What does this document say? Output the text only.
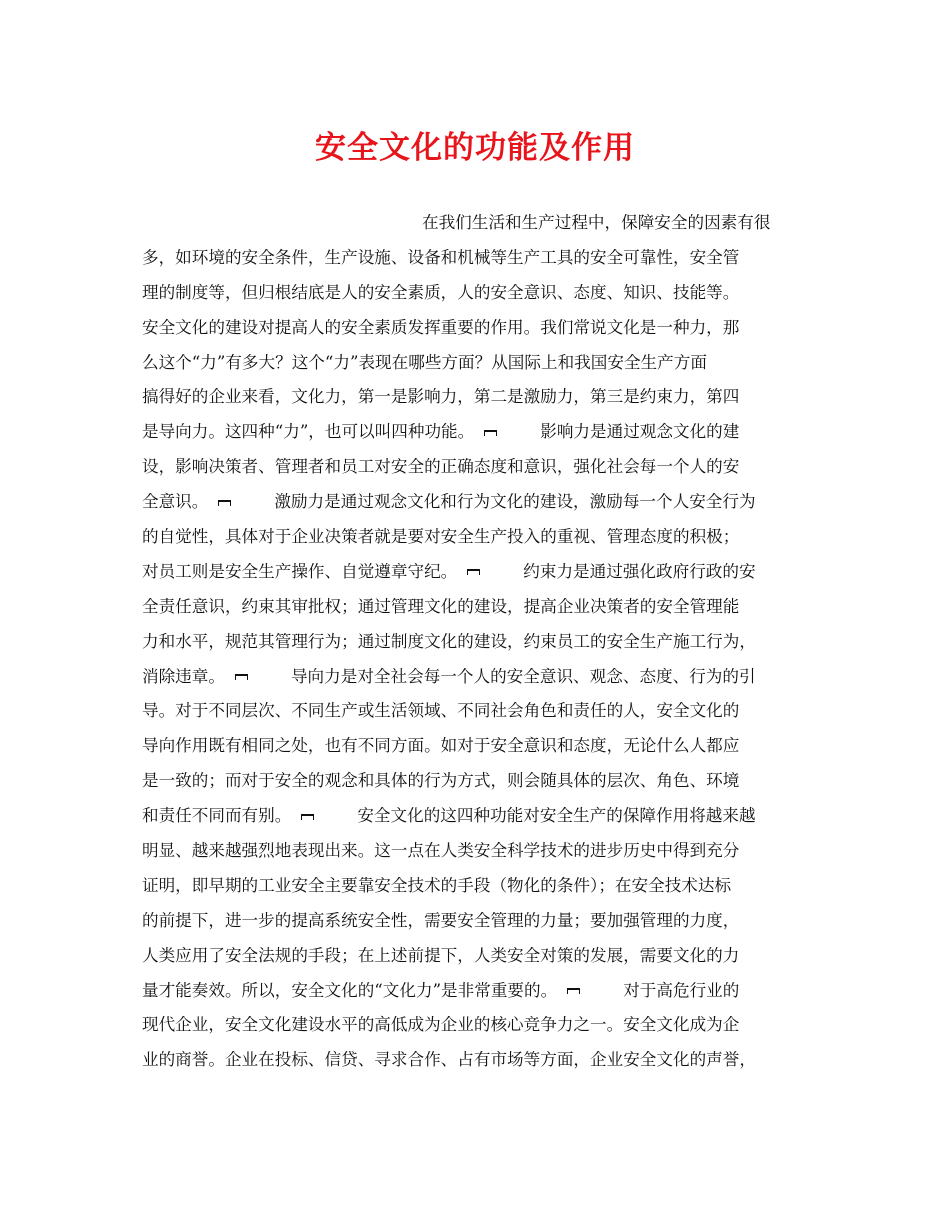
安全文化的功能及作用
在我们生活和生产过程中，保障安全的因素有很
多，如环境的安全条件，生产设施、设备和机械等生产工具的安全可靠性，安全管
理的制度等，但归根结底是人的安全素质，人的安全意识、态度、知识、技能等。
安全文化的建设对提高人的安全素质发挥重要的作用。我们常说文化是一种力，那
么这个“力”有多大？这个“力”表现在哪些方面？从国际上和我国安全生产方面
搞得好的企业来看，文化力，第一是影响力，第二是激励力，第三是约束力，第四
是导向力。这四种“力”，也可以叫四种功能。	影响力是通过观念文化的建
设，影响决策者、管理者和员工对安全的正确态度和意识，强化社会每一个人的安
全意识。	激励力是通过观念文化和行为文化的建设，激励每一个人安全行为
的自觉性，具体对于企业决策者就是要对安全生产投入的重视、管理态度的积极；
对员工则是安全生产操作、自觉遵章守纪。	约束力是通过强化政府行政的安
全责任意识，约束其审批权；通过管理文化的建设，提高企业决策者的安全管理能
力和水平，规范其管理行为；通过制度文化的建设，约束员工的安全生产施工行为，
消除违章。	导向力是对全社会每一个人的安全意识、观念、态度、行为的引
导。对于不同层次、不同生产或生活领域、不同社会角色和责任的人，安全文化的
导向作用既有相同之处，也有不同方面。如对于安全意识和态度，无论什么人都应
是一致的；而对于安全的观念和具体的行为方式，则会随具体的层次、角色、环境
和责任不同而有别。	安全文化的这四种功能对安全生产的保障作用将越来越
明显、越来越强烈地表现出来。这一点在人类安全科学技术的进步历史中得到充分
证明，即早期的工业安全主要靠安全技术的手段（物化的条件）；在安全技术达标
的前提下，进一步的提高系统安全性，需要安全管理的力量；要加强管理的力度，
人类应用了安全法规的手段；在上述前提下，人类安全对策的发展，需要文化的力
量才能奏效。所以，安全文化的“文化力”是非常重要的。	对于高危行业的
现代企业，安全文化建设水平的高低成为企业的核心竞争力之一。安全文化成为企
业的商誉。企业在投标、信贷、寻求合作、占有市场等方面，企业安全文化的声誉，
